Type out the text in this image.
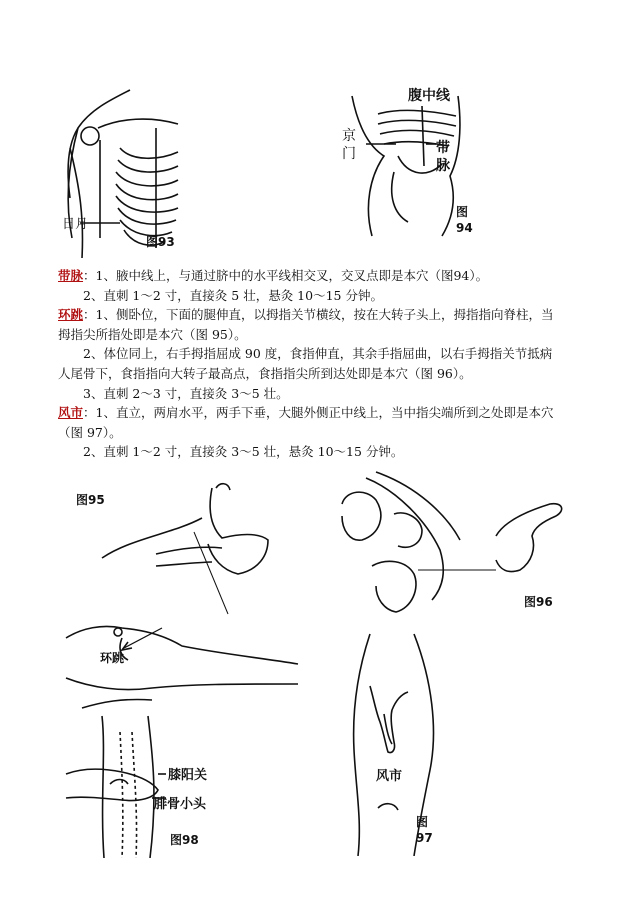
日月
图93
腹中线
京
门	带
脉
图
94
带脉：1、腋中线上，与通过脐中的水平线相交叉，交叉点即是本穴（图94）。
2、直刺 1～2 寸，直接灸 5 壮，悬灸 10～15 分钟。
环跳：1、侧卧位，下面的腿伸直，以拇指关节横纹，按在大转子头上，拇指指向脊柱，当
拇指尖所指处即是本穴（图 95）。
2、体位同上，右手拇指屈成 90 度，食指伸直，其余手指屈曲，以右手拇指关节抵病
人尾骨下，食指指向大转子最高点，食指指尖所到达处即是本穴（图 96）。
3、直刺 2～3 寸，直接灸 3～5 壮。
风市：1、直立，两肩水平，两手下垂，大腿外侧正中线上，当中指尖端所到之处即是本穴
（图 97）。
2、直刺 1～2 寸，直接灸 3～5 壮，悬灸 10～15 分钟。
图95
环跳
图96
膝阳关
腓骨小头
图98
风市
图
97
